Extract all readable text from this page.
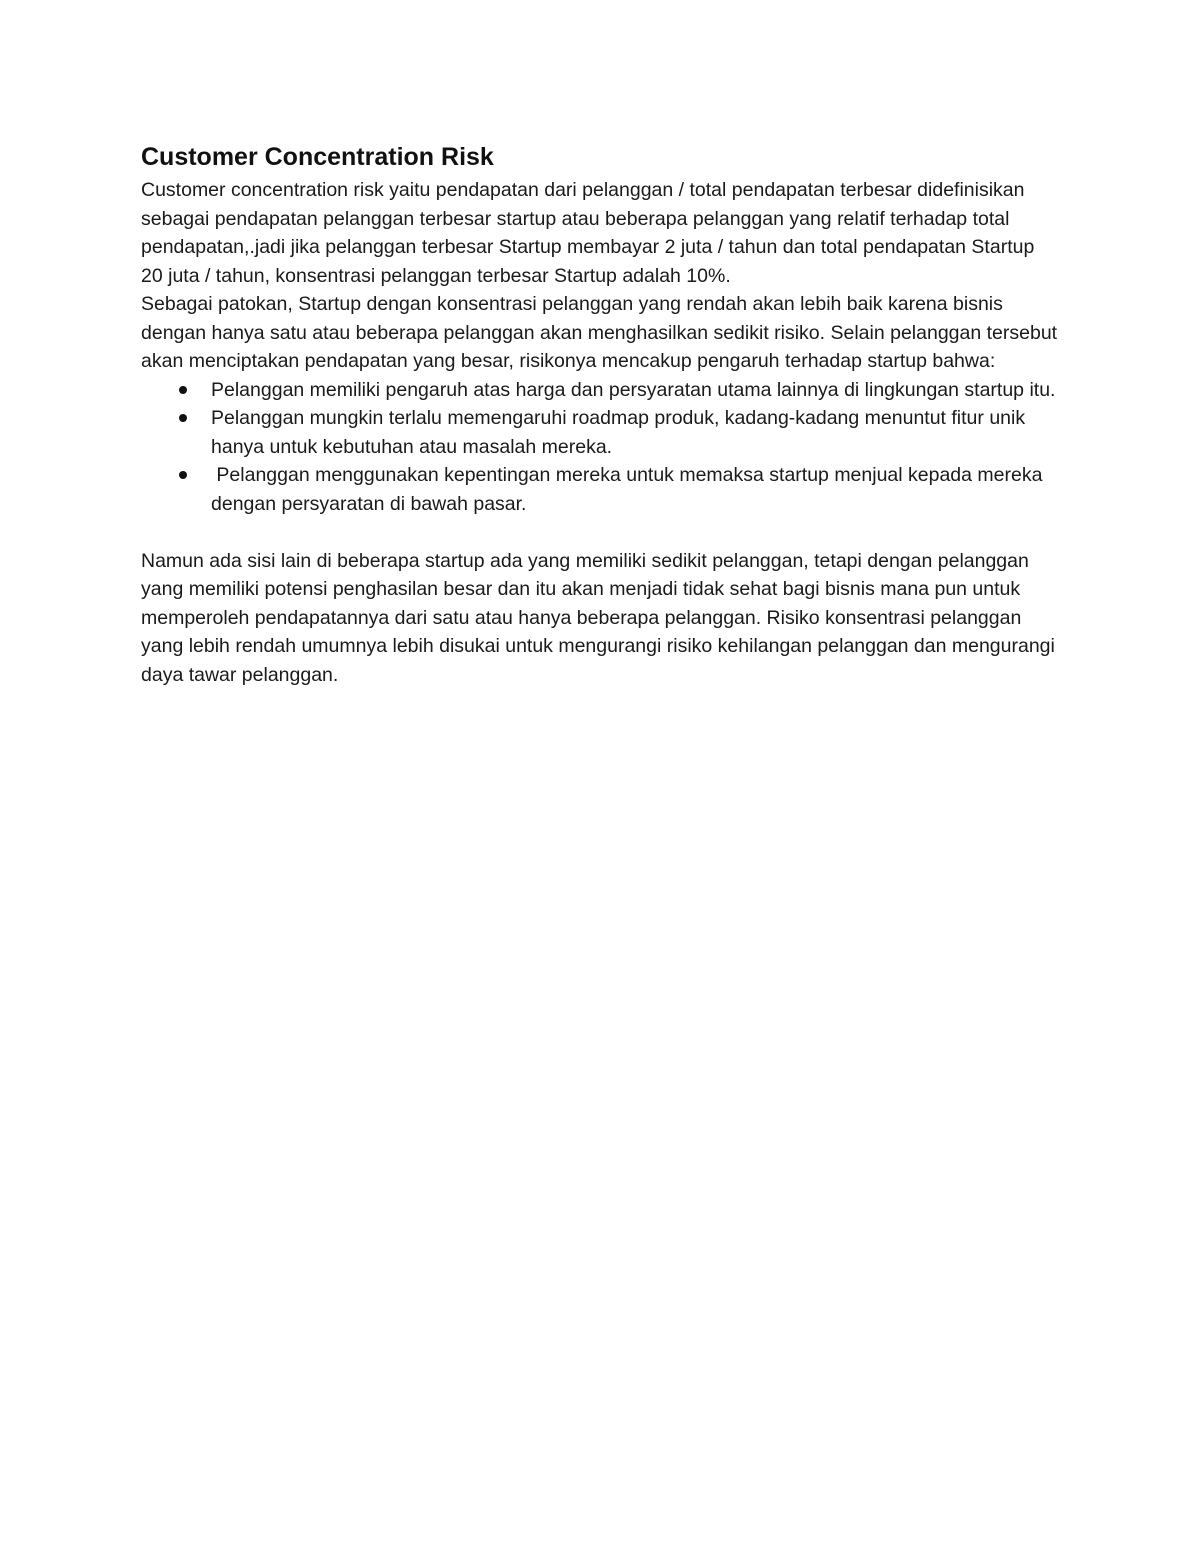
Customer Concentration Risk

Customer concentration risk yaitu pendapatan dari pelanggan / total pendapatan terbesar didefinisikan sebagai pendapatan pelanggan terbesar startup atau beberapa pelanggan yang relatif terhadap total pendapatan,.jadi jika pelanggan terbesar Startup membayar 2 juta / tahun dan total pendapatan Startup 20 juta / tahun, konsentrasi pelanggan terbesar Startup adalah 10%.

Sebagai patokan, Startup dengan konsentrasi pelanggan yang rendah akan lebih baik karena bisnis dengan hanya satu atau beberapa pelanggan akan menghasilkan sedikit risiko. Selain pelanggan tersebut akan menciptakan pendapatan yang besar, risikonya mencakup pengaruh terhadap startup bahwa:

Pelanggan memiliki pengaruh atas harga dan persyaratan utama lainnya di lingkungan startup itu.
Pelanggan mungkin terlalu memengaruhi roadmap produk, kadang-kadang menuntut fitur unik hanya untuk kebutuhan atau masalah mereka.
Pelanggan menggunakan kepentingan mereka untuk memaksa startup menjual kepada mereka dengan persyaratan di bawah pasar.

Namun ada sisi lain di beberapa startup ada yang memiliki sedikit pelanggan, tetapi dengan pelanggan yang memiliki potensi penghasilan besar dan itu akan menjadi tidak sehat bagi bisnis mana pun untuk memperoleh pendapatannya dari satu atau hanya beberapa pelanggan. Risiko konsentrasi pelanggan yang lebih rendah umumnya lebih disukai untuk mengurangi risiko kehilangan pelanggan dan mengurangi daya tawar pelanggan.
